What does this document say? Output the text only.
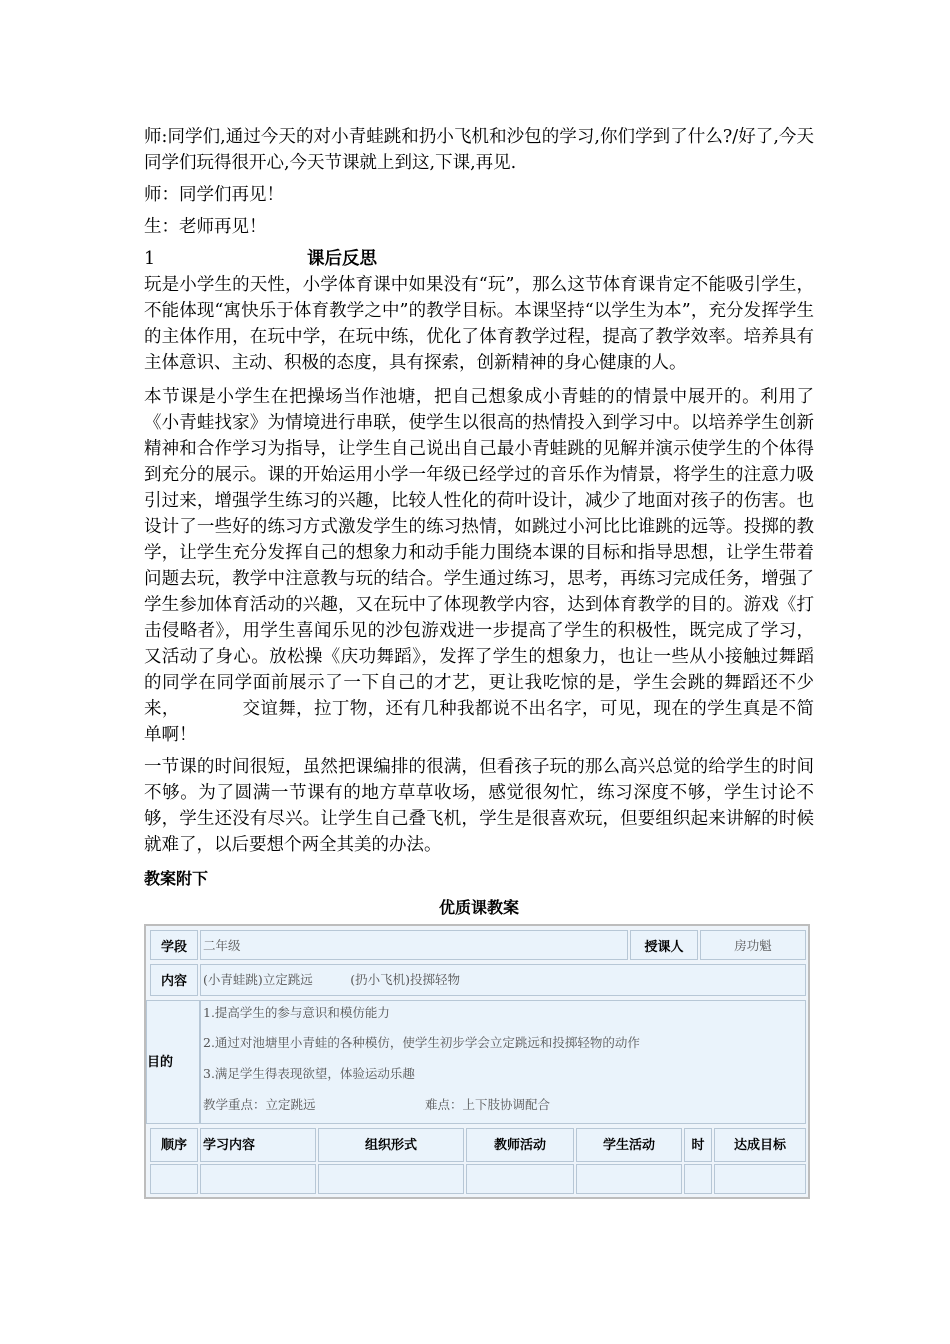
师:同学们,通过今天的对小青蛙跳和扔小飞机和沙包的学习,你们学到了什么?/好了,今天同学们玩得很开心,今天节课就上到这,下课,再见.

师：同学们再见！

生：老师再见！

1	课后反思

玩是小学生的天性，小学体育课中如果没有“玩”，那么这节体育课肯定不能吸引学生，不能体现“寓快乐于体育教学之中”的教学目标。本课坚持“以学生为本”，充分发挥学生的主体作用，在玩中学，在玩中练，优化了体育教学过程，提高了教学效率。培养具有主体意识、主动、积极的态度，具有探索，创新精神的身心健康的人。

本节课是小学生在把操场当作池塘，把自己想象成小青蛙的的情景中展开的。利用了《小青蛙找家》为情境进行串联，使学生以很高的热情投入到学习中。以培养学生创新精神和合作学习为指导，让学生自己说出自己最小青蛙跳的见解并演示使学生的个体得到充分的展示。课的开始运用小学一年级已经学过的音乐作为情景，将学生的注意力吸引过来，增强学生练习的兴趣，比较人性化的荷叶设计，减少了地面对孩子的伤害。也设计了一些好的练习方式激发学生的练习热情，如跳过小河比比谁跳的远等。投掷的教学，让学生充分发挥自己的想象力和动手能力围绕本课的目标和指导思想，让学生带着问题去玩，教学中注意教与玩的结合。学生通过练习，思考，再练习完成任务，增强了学生参加体育活动的兴趣，又在玩中了体现教学内容，达到体育教学的目的。游戏《打击侵略者》，用学生喜闻乐见的沙包游戏进一步提高了学生的积极性，既完成了学习，又活动了身心。放松操《庆功舞蹈》，发挥了学生的想象力，也让一些从小接触过舞蹈的同学在同学面前展示了一下自己的才艺，更让我吃惊的是，学生会跳的舞蹈还不少来，　　　　交谊舞，拉丁物，还有几种我都说不出名字，可见，现在的学生真是不简单啊！

一节课的时间很短，虽然把课编排的很满，但看孩子玩的那么高兴总觉的给学生的时间不够。为了圆满一节课有的地方草草收场，感觉很匆忙，练习深度不够，学生讨论不够，学生还没有尽兴。让学生自己叠飞机，学生是很喜欢玩，但要组织起来讲解的时候就难了，以后要想个两全其美的办法。

教案附下

优质课教案
学段	二年级	授课人	房功魁
内容	(小青蛙跳)立定跳远　　　(扔小飞机)投掷轻物
目的
1.提高学生的参与意识和模仿能力
2.通过对池塘里小青蛙的各种模仿，使学生初步学会立定跳远和投掷轻物的动作
3.满足学生得表现欲望，体验运动乐趣
教学重点：立定跳远	难点：上下肢协调配合
顺序	学习内容	组织形式	教师活动	学生活动	时	达成目标
